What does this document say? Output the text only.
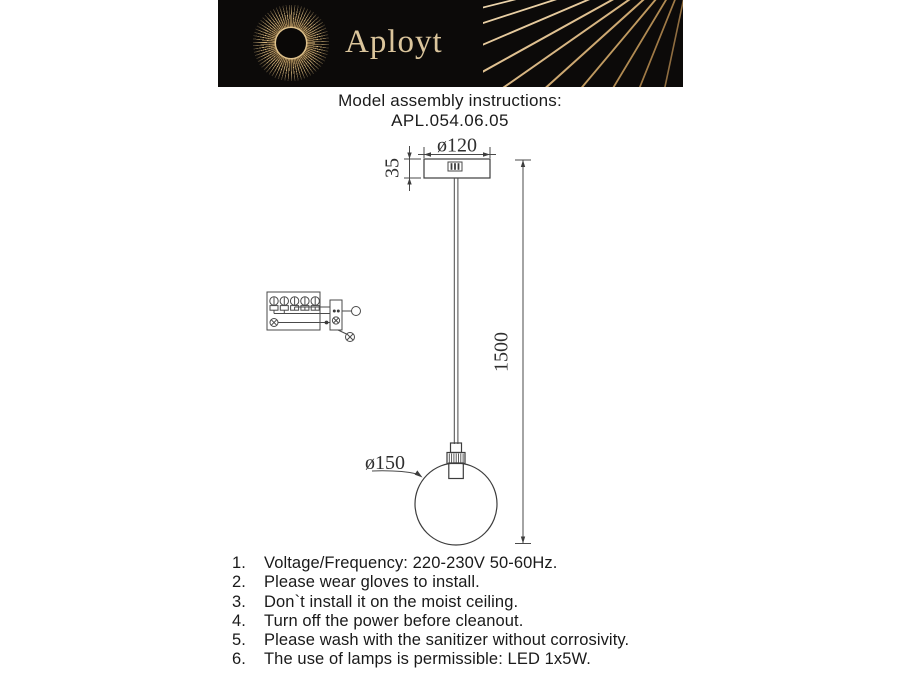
Aployt
Model assembly instructions:
APL.054.06.05
ø120
35
1500
ø150
1.	Voltage/Frequency: 220-230V 50-60Hz.
2.	Please wear gloves to install.
3.	Don`t install it on the moist ceiling.
4.	Turn off the power before cleanout.
5.	Please wash with the sanitizer without corrosivity.
6.	The use of lamps is permissible: LED 1x5W.
